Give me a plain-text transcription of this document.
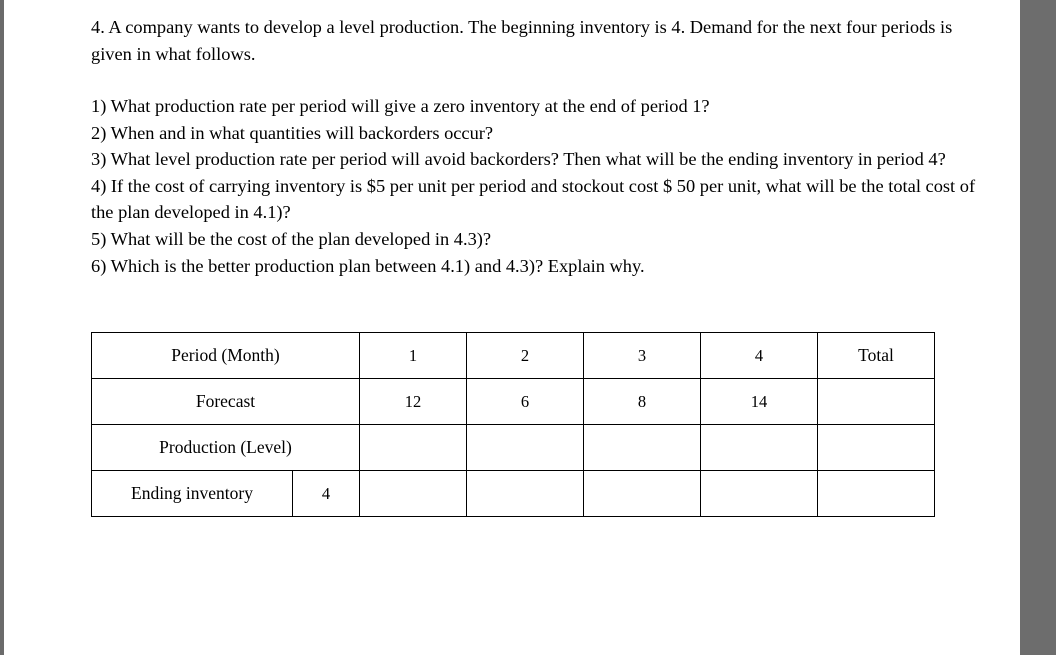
4. A company wants to develop a level production. The beginning inventory is 4. Demand for the next four periods is given in what follows.

1) What production rate per period will give a zero inventory at the end of period 1?

2) When and in what quantities will backorders occur?

3) What level production rate per period will avoid backorders? Then what will be the ending inventory in period 4?

4) If the cost of carrying inventory is $5 per unit per period and stockout cost $ 50 per unit, what will be the total cost of the plan developed in 4.1)?

5) What will be the cost of the plan developed in 4.3)?

6) Which is the better production plan between 4.1) and 4.3)? Explain why.

Period (Month)		1	2	3	4	Total
Forecast		12	6	8	14	
Production (Level)						
Ending inventory	4					
